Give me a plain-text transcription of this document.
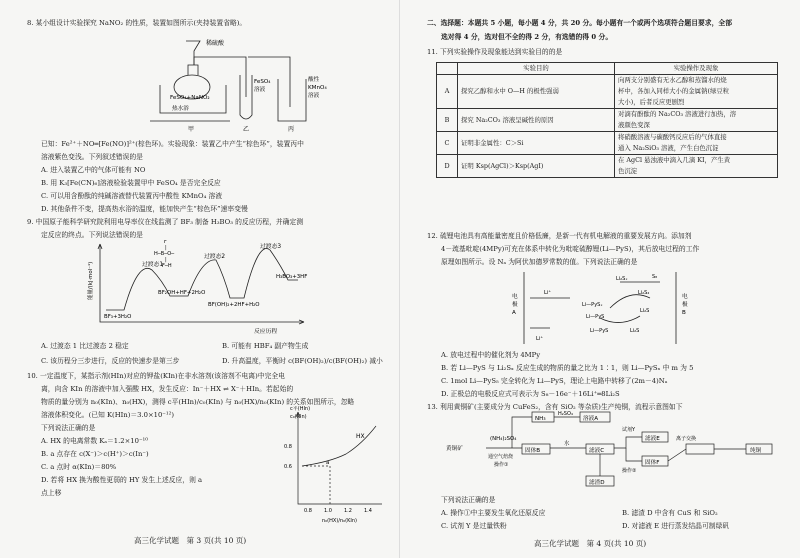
8. 某小组设计实验探究 NaNO₂ 的性质，装置如图所示(夹持装置省略)。
稀硫酸
FeSO₄+NaNO₂
热水浴
FeSO₄
溶液
酸性
KMnO₄
溶液
甲	乙	丙
已知：Fe²⁺＋NO═[Fe(NO)]²⁺(棕色环)。实验现象：装置乙中产生“棕色环”，装置丙中
溶液紫色变浅。下列叙述错误的是
A. 进入装置乙中的气体可能有 NO
B. 用 K₃[Fe(CN)₆]溶液检验装置甲中 FeSO₄ 是否完全反应
C. 可以用含酚酞的纯碱溶液替代装置丙中酸性 KMnO₄ 溶液
D. 其他条件不变，提高热水浴的温度，能加快产生“棕色环”速率变慢
9. 中国原子能科学研究院利用电导率仪在线监测了 BF₃ 制备 H₃BO₃ 的反应历程，并确定测
定反应的终点。下列说法错误的是
能量/(kJ·mol⁻¹)
反应历程
过渡态1
过渡态2
过渡态3
BF₃+3H₂O
BF₂OH+HF+2H₂O
BF(OH)₂+2HF+H₂O
H₃BO₃+3HF
F
|
H─B─O─
|
F─H
A. 过渡态 1 比过渡态 2 稳定	B. 可能有 HBF₄ 副产物生成
C. 该历程分三步进行，反应的快速步是第三步	D. 升高温度，平衡时 c(BF(OH)₂)/c(BF(OH)₂) 减小
10. 一定温度下，某指示剂(HIn)对应的钾盐(KIn)在非水溶剂(该溶剂不电离)中完全电
离，向含 KIn 的溶液中加入强酸 HX，发生反应：In⁻＋HX ⇌ X⁻＋HIn。若起始的
物质的量分别为 n₀(KIn)、n₀(HX)，测得 c平(HIn)/c₀(KIn) 与 n₀(HX)/n₀(KIn) 的关系如图所示，忽略
溶液体积变化。(已知 K(HIn)＝3.0×10⁻¹²)
下列说法正确的是
A. HX 的电离常数 Kₐ＝1.2×10⁻¹⁰
B. a 点存在 c(X⁻)＞c(H⁺)＞c(In⁻)
C. a 点时 α(KIn)＝80%
D. 若将 HX 换为酸性更弱的 HY 发生上述反应，则 a
点上移
c平(HIn)
c₀(KIn)
HX
a
0.8
0.6
0.8 1.0 1.2 1.4
n₀(HX)/n₀(KIn)
高三化学试题　第 3 页(共 10 页)
二、选择题：本题共 5 小题，每小题 4 分，共 20 分。每小题有一个或两个选项符合题目要求，全部
选对得 4 分，选对但不全的得 2 分，有选错的得 0 分。
11. 下列实验操作及现象能达到实验目的的是
	实验目的	实验操作及现象
A	探究乙醇和水中 O—H 的极性强弱	向两支分别盛有无水乙醇和蒸馏水的烧
杯中，各加入同样大小的金属钠(绿豆粒
大小)，后者反应更剧烈

B	探究 Na₂CO₃ 溶液呈碱性的原因	对滴有酚酞的 Na₂CO₃ 溶液进行加热，溶
液颜色变深

C	证明非金属性：C＞Si	将硝酸溶液与碳酸钙反应后的气体直接
通入 Na₂SiO₃ 溶液，产生白色沉淀

D	证明 Ksp(AgCl)＞Ksp(AgI)	在 AgCl 悬浊液中滴入几滴 KI，产生黄
色沉淀
12. 硫锂电池具有高能量密度且价格低廉，是新一代有机电解液的重要发展方向。添加剂
4－巯基吡啶(4MPy)可充在体系中转化为吡啶硫醇锂(Li—PyS)，其后放电过程的工作
原理如图所示。设 Nₐ 为阿伏加德罗常数的值。下列说法正确的是
电
极
A
电
极
B
Li⁺
Li⁺
Li₂Sₓ	S₈
Li—PySₓ
Li₂S₂
Li—PyS
Li₂S
Li—PyS	Li₂S
A. 放电过程中的催化剂为 4MPy
B. 若 Li—PyS 与 Li₂Sₓ 反应生成的物质的量之比为 1∶1，则 Li—PySₓ 中 m 为 5
C. 1mol Li—PyS₅ 完全转化为 Li—PyS，理论上电路中转移了(2m－4)Nₐ
D. 正极总的电极反应式可表示为 S₈－16e⁻＋16Li⁺═8Li₂S
13. 利用黄铜矿(主要成分为 CuFeS₂，含有 SiO₂ 等杂质)生产纯铜，流程示意图如下
黄铜矿
(NH₄)₂SO₄
NH₃
H₂SO₄
溶液A
通空气焙烧
操作①
固体B
水
滤液C
试剂Y
操作②
滤液E
固体F
离子交换
纯铜
滤渣D
下列说法正确的是
A. 操作①中主要发生氧化还原反应	B. 滤渣 D 中含有 CuS 和 SiO₂
C. 试剂 Y 是过量铁粉	D. 对滤液 E 进行蒸发结晶可制绿矾
高三化学试题　第 4 页(共 10 页)
